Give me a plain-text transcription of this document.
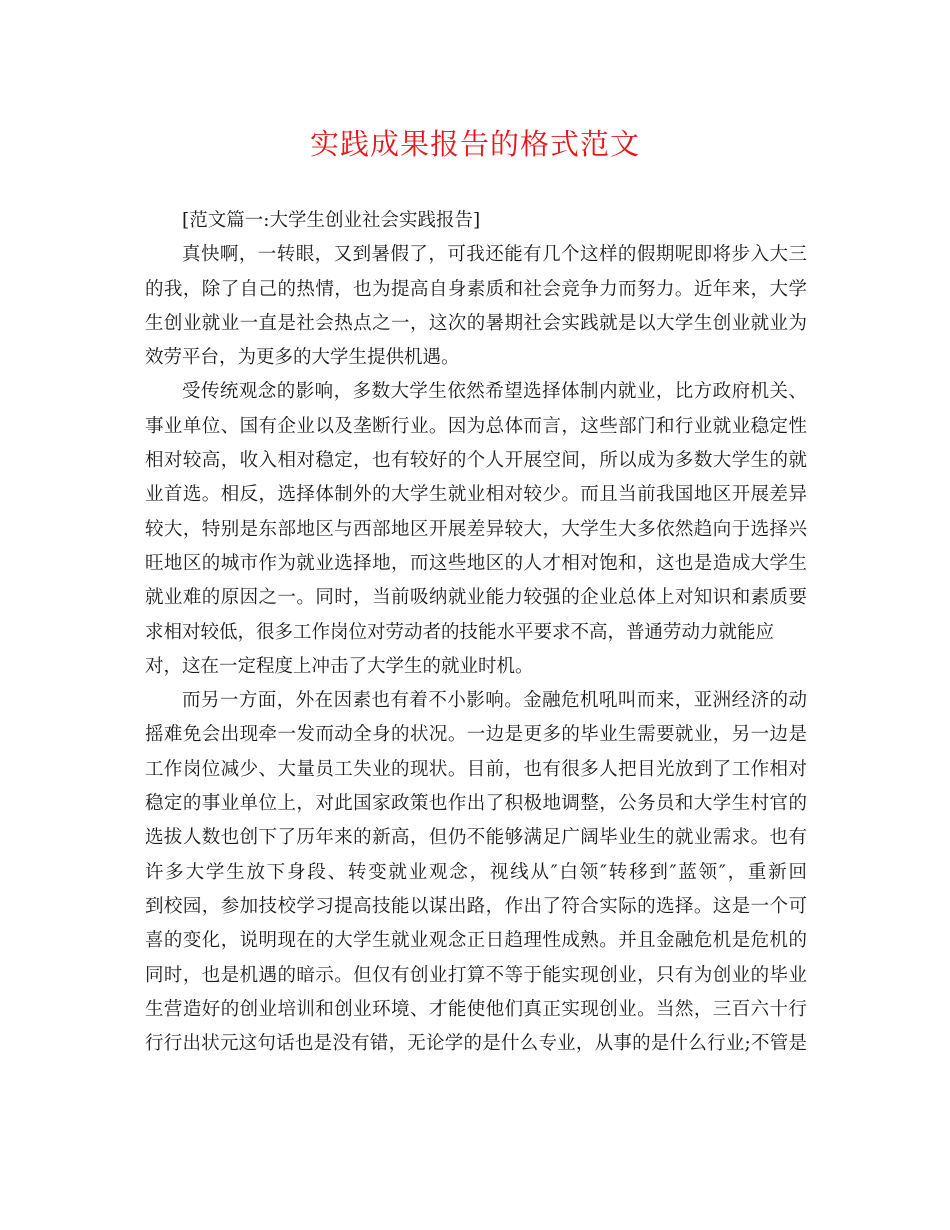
实践成果报告的格式范文
[范文篇一:大学生创业社会实践报告]
真快啊，一转眼，又到暑假了，可我还能有几个这样的假期呢即将步入大三
的我，除了自己的热情，也为提高自身素质和社会竞争力而努力。近年来，大学
生创业就业一直是社会热点之一，这次的暑期社会实践就是以大学生创业就业为
效劳平台，为更多的大学生提供机遇。
受传统观念的影响，多数大学生依然希望选择体制内就业，比方政府机关、
事业单位、国有企业以及垄断行业。因为总体而言，这些部门和行业就业稳定性
相对较高，收入相对稳定，也有较好的个人开展空间，所以成为多数大学生的就
业首选。相反，选择体制外的大学生就业相对较少。而且当前我国地区开展差异
较大，特别是东部地区与西部地区开展差异较大，大学生大多依然趋向于选择兴
旺地区的城市作为就业选择地，而这些地区的人才相对饱和，这也是造成大学生
就业难的原因之一。同时，当前吸纳就业能力较强的企业总体上对知识和素质要
求相对较低，很多工作岗位对劳动者的技能水平要求不高，普通劳动力就能应
对，这在一定程度上冲击了大学生的就业时机。
而另一方面，外在因素也有着不小影响。金融危机吼叫而来，亚洲经济的动
摇难免会出现牵一发而动全身的状况。一边是更多的毕业生需要就业，另一边是
工作岗位减少、大量员工失业的现状。目前，也有很多人把目光放到了工作相对
稳定的事业单位上，对此国家政策也作出了积极地调整，公务员和大学生村官的
选拔人数也创下了历年来的新高，但仍不能够满足广阔毕业生的就业需求。也有
许多大学生放下身段、转变就业观念，视线从″白领″转移到″蓝领″，重新回
到校园，参加技校学习提高技能以谋出路，作出了符合实际的选择。这是一个可
喜的变化，说明现在的大学生就业观念正日趋理性成熟。并且金融危机是危机的
同时，也是机遇的暗示。但仅有创业打算不等于能实现创业，只有为创业的毕业
生营造好的创业培训和创业环境、才能使他们真正实现创业。当然，三百六十行
行行出状元这句话也是没有错，无论学的是什么专业，从事的是什么行业;不管是
